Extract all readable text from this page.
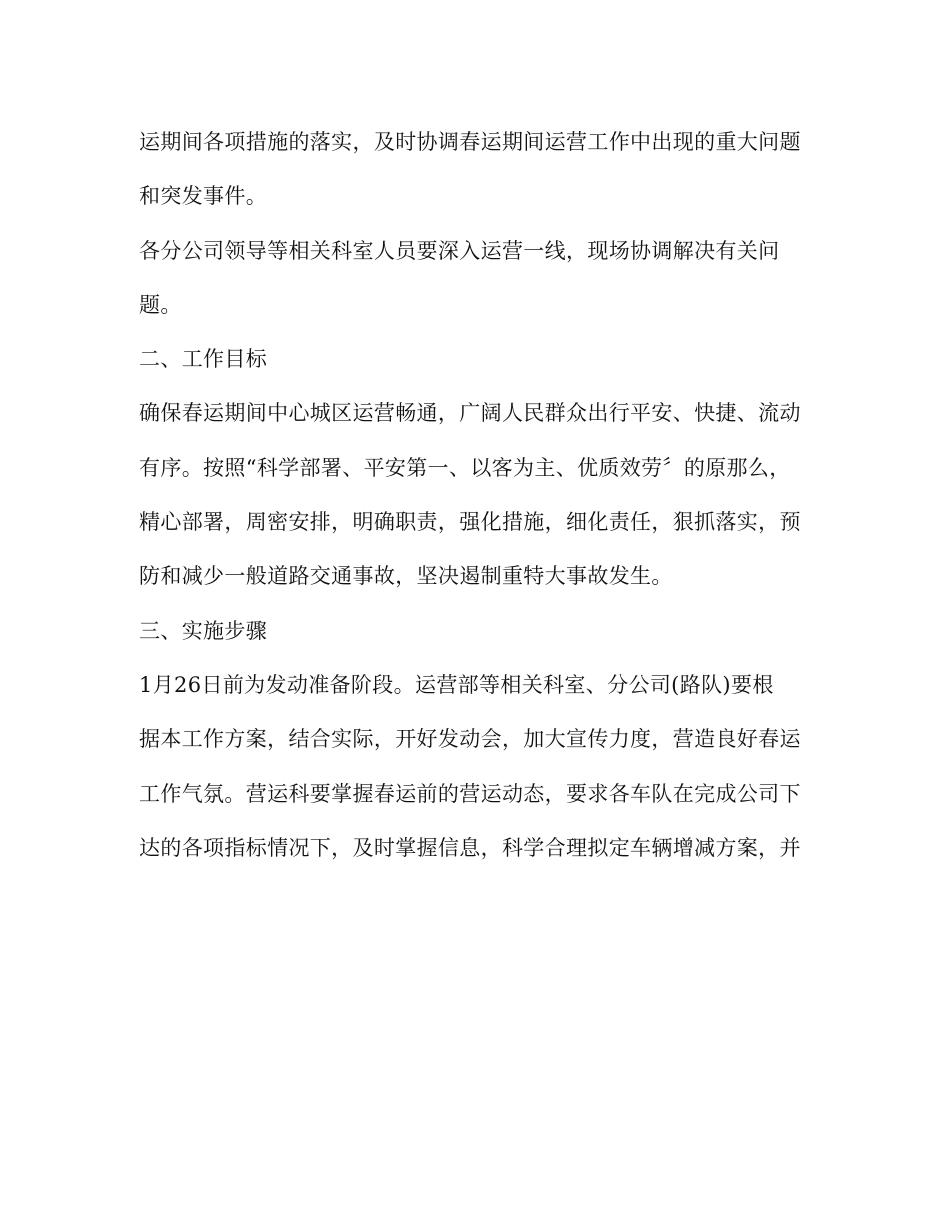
运期间各项措施的落实，及时协调春运期间运营工作中出现的重大问题
和突发事件。
各分公司领导等相关科室人员要深入运营一线，现场协调解决有关问
题。
二、工作目标
确保春运期间中心城区运营畅通，广阔人民群众出行平安、快捷、流动
有序。按照“科学部署、平安第一、以客为主、优质效劳〞的原那么，
精心部署，周密安排，明确职责，强化措施，细化责任，狠抓落实，预
防和减少一般道路交通事故，坚决遏制重特大事故发生。
三、实施步骤
1月26日前为发动准备阶段。运营部等相关科室、分公司(路队)要根
据本工作方案，结合实际，开好发动会，加大宣传力度，营造良好春运
工作气氛。营运科要掌握春运前的营运动态，要求各车队在完成公司下
达的各项指标情况下，及时掌握信息，科学合理拟定车辆增减方案，并
